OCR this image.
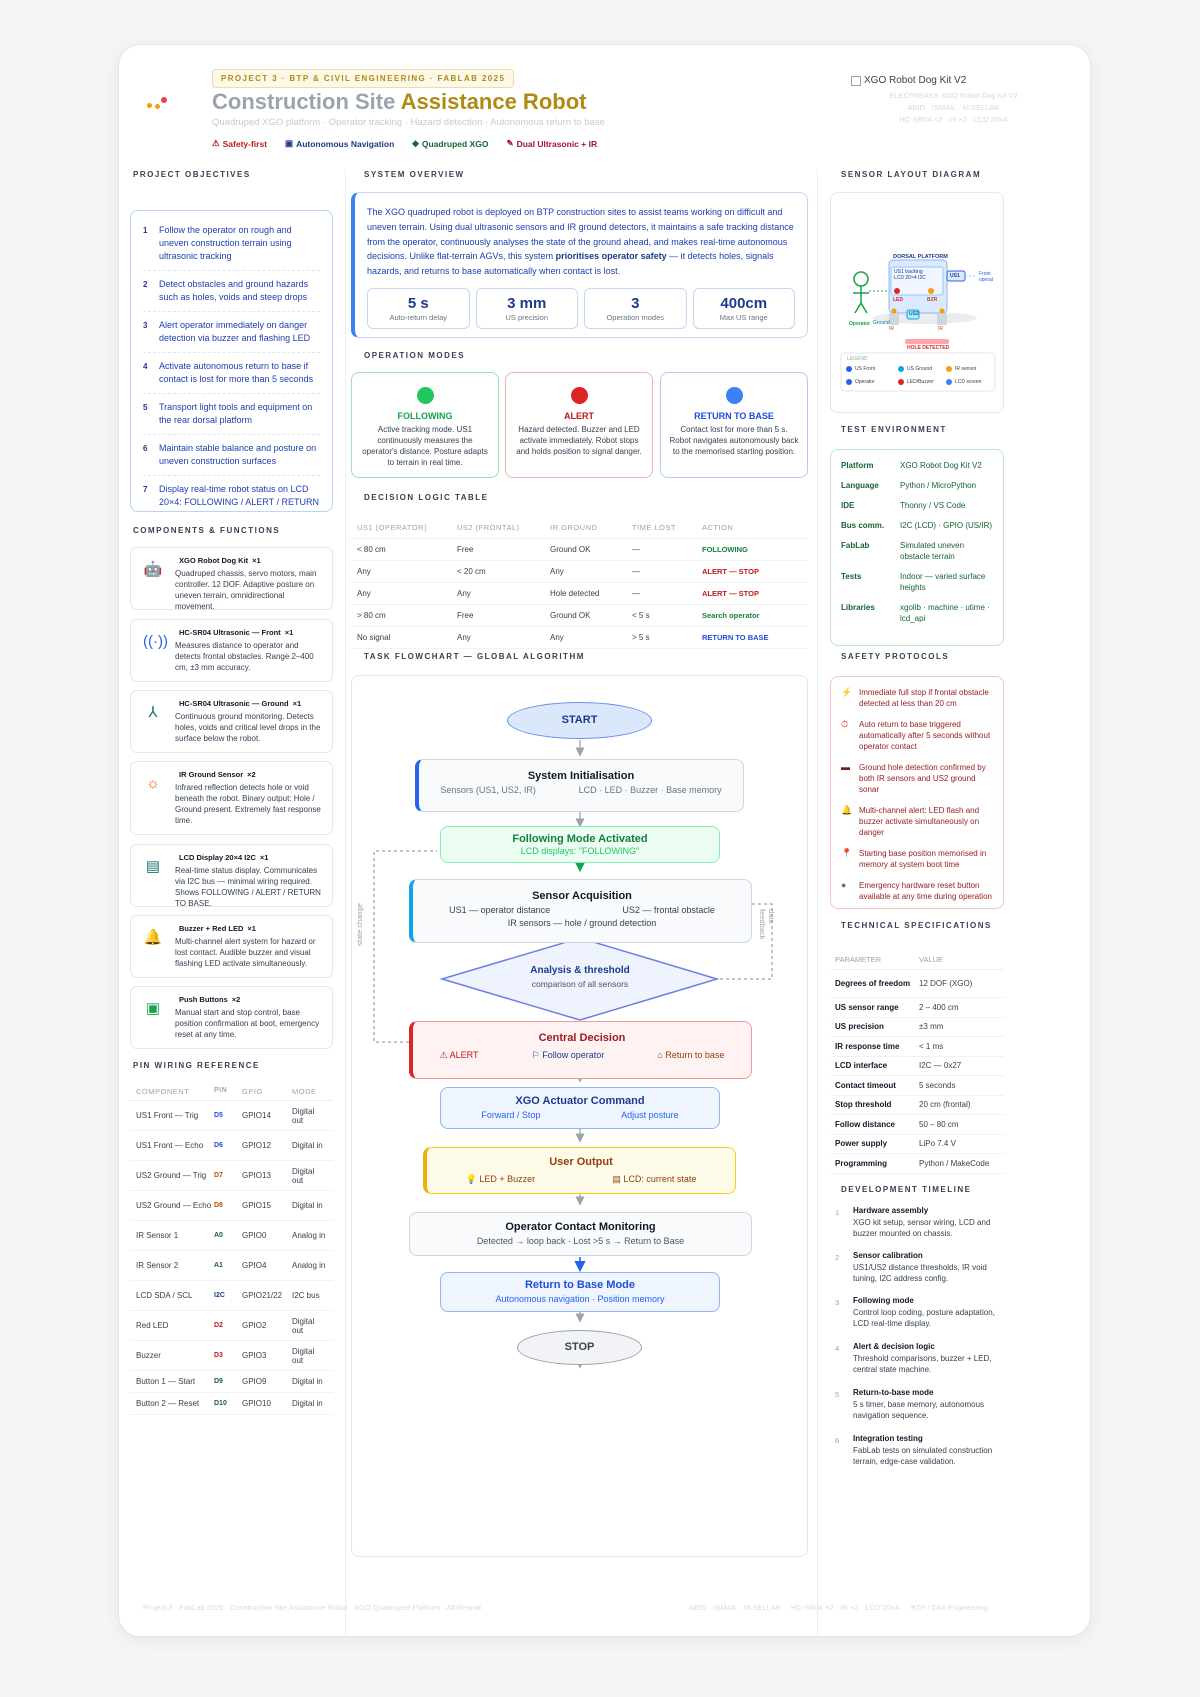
PROJECT 3 · BTP & CIVIL ENGINEERING · FABLAB 2025
Construction Site Assistance Robot
Quadruped XGO platform · Operator tracking · Hazard detection · Autonomous return to base
⚠ Safety-first ▣ Autonomous Navigation ◆ Quadruped XGO ✎ Dual Ultrasonic + IR
XGO Robot Dog Kit V2
ELECFREAKS XGO Robot Dog Kit V2
ABID · ISMAIL · M.SELLAK
HC-SR04 ×2 · IR ×2 · LCD 20×4
PROJECT OBJECTIVES
1	Follow the operator on rough and uneven construction terrain using ultrasonic tracking
2	Detect obstacles and ground hazards such as holes, voids and steep drops
3	Alert operator immediately on danger detection via buzzer and flashing LED
4	Activate autonomous return to base if contact is lost for more than 5 seconds
5	Transport light tools and equipment on the rear dorsal platform
6	Maintain stable balance and posture on uneven construction surfaces
7	Display real-time robot status on LCD 20×4: FOLLOWING / ALERT / RETURN
COMPONENTS & FUNCTIONS
🤖
XGO Robot Dog Kit ×1
Quadruped chassis, servo motors, main controller. 12 DOF. Adaptive posture on uneven terrain, omnidirectional movement.
((·))
HC-SR04 Ultrasonic — Front ×1
Measures distance to operator and detects frontal obstacles. Range 2–400 cm, ±3 mm accuracy.
⅄
HC-SR04 Ultrasonic — Ground ×1
Continuous ground monitoring. Detects holes, voids and critical level drops in the surface below the robot.
☼
IR Ground Sensor ×2
Infrared reflection detects hole or void beneath the robot. Binary output: Hole / Ground present. Extremely fast response time.
▤
LCD Display 20×4 I2C ×1
Real-time status display. Communicates via I2C bus — minimal wiring required. Shows FOLLOWING / ALERT / RETURN TO BASE.
🔔
Buzzer + Red LED ×1
Multi-channel alert system for hazard or lost contact. Audible buzzer and visual flashing LED activate simultaneously.
▣
Push Buttons ×2
Manual start and stop control, base position confirmation at boot, emergency reset at any time.
PIN WIRING REFERENCE
COMPONENT	PIN	GPIO	MODE
US1 Front — Trig	D5	GPIO14	Digital out
US1 Front — Echo	D6	GPIO12	Digital in
US2 Ground — Trig	D7	GPIO13	Digital out
US2 Ground — Echo D8	GPIO15	Digital in
IR Sensor 1	A0	GPIO0	Analog in
IR Sensor 2	A1	GPIO4	Analog in
LCD SDA / SCL	I2C	GPIO21/22	I2C bus
Red LED	D2	GPIO2	Digital out
Buzzer	D3	GPIO3	Digital out
Button 1 — Start	D9	GPIO9	Digital in
Button 2 — Reset	D10	GPIO10	Digital in
SYSTEM OVERVIEW

The XGO quadruped robot is deployed on BTP construction sites to assist teams working on difficult and uneven terrain. Using dual ultrasonic sensors and IR ground detectors, it maintains a safe tracking distance from the operator, continuously analyses the state of the ground ahead, and makes real-time autonomous decisions. Unlike flat-terrain AGVs, this system prioritises operator safety — it detects holes, signals hazards, and returns to base automatically when contact is lost.

5 s
Auto-return delay
3 mm
US precision
3
Operation modes
400cm
Max US range
OPERATION MODES
FOLLOWING
Active tracking mode. US1 continuously measures the operator's distance. Posture adapts to terrain in real time.
ALERT
Hazard detected. Buzzer and LED activate immediately. Robot stops and holds position to signal danger.
RETURN TO BASE
Contact lost for more than 5 s. Robot navigates autonomously back to the memorised starting position.
DECISION LOGIC TABLE
US1 (OPERATOR)	US2 (FRONTAL)	IR GROUND	TIME LOST	ACTION
< 80 cm	Free	Ground OK	—	FOLLOWING
Any	< 20 cm	Any	—	ALERT — STOP
Any	Any	Hole detected	—	ALERT — STOP
> 80 cm	Free	Ground OK	< 5 s	Search operator
No signal	Any	Any	> 5 s	RETURN TO BASE
TASK FLOWCHART — GLOBAL ALGORITHM
START
System Initialisation
Sensors (US1, US2, IR)	LCD · LED · Buzzer · Base memory
Following Mode Activated
LCD displays: "FOLLOWING"
Sensor Acquisition
US1 — operator distance	US2 — frontal obstacle
IR sensors — hole / ground detection
Analysis & threshold
comparison of all sensors
Central Decision
⚠ ALERT	⚐ Follow operator	⌂ Return to base
XGO Actuator Command
Forward / Stop	Adjust posture
User Output
💡 LED + Buzzer	▤ LCD: current state
Operator Contact Monitoring
Detected → loop back · Lost >5 s → Return to Base
Return to Base Mode
Autonomous navigation · Position memory
STOP
state change	data feedback
SENSOR LAYOUT DIAGRAM
DORSAL PLATFORM
US1 tracking
LCD 20×4 I2C	US1	Front
operat
LED	BZR
US2
Operator Ground
IR	IR
HOLE DETECTED
LEGEND
US Front	US Ground	IR sensor
Operator	LED/Buzzer	LCD screen
TEST ENVIRONMENT
Platform	XGO Robot Dog Kit V2
Language	Python / MicroPython
IDE	Thonny / VS Code
Bus comm.	I2C (LCD) · GPIO (US/IR)
FabLab	Simulated uneven obstacle terrain
Tests	Indoor — varied surface heights
Libraries	xgolib · machine · utime · lcd_api
SAFETY PROTOCOLS
⚡ Immediate full stop if frontal obstacle detected at less than 20 cm
⏱	Auto return to base triggered automatically after 5 seconds without operator contact
▬	Ground hole detection confirmed by both IR sensors and US2 ground sonar
🔔 Multi-channel alert: LED flash and buzzer activate simultaneously on danger
📍 Starting base position memorised in memory at system boot time
●	Emergency hardware reset button available at any time during operation
TECHNICAL SPECIFICATIONS
PARAMETER	VALUE
Degrees of freedom	12 DOF (XGO)
US sensor range	2 – 400 cm
US precision	±3 mm
IR response time	< 1 ms
LCD interface	I2C — 0x27
Contact timeout	5 seconds
Stop threshold	20 cm (frontal)
Follow distance	50 – 80 cm
Power supply	LiPo 7.4 V
Programming	Python / MakeCode
DEVELOPMENT TIMELINE
1 Hardware assembly
XGO kit setup, sensor wiring, LCD and buzzer mounted on chassis.
2 Sensor calibration
US1/US2 distance thresholds, IR void tuning, I2C address config.
3 Following mode
Control loop coding, posture adaptation, LCD real-time display.
4 Alert & decision logic
Threshold comparisons, buzzer + LED, central state machine.
5 Return-to-base mode
5 s timer, base memory, autonomous navigation sequence.
6 Integration testing
FabLab tests on simulated construction terrain, edge-case validation.
Project 3 · FabLab 2025 · Construction Site Assistance Robot · XGO Quadruped Platform · All Rennat	ABID · ISMAIL · M.SELLAK HC-SR04 ×2 · IR ×2 · LCD 20×4 BTP / Civil Engineering
